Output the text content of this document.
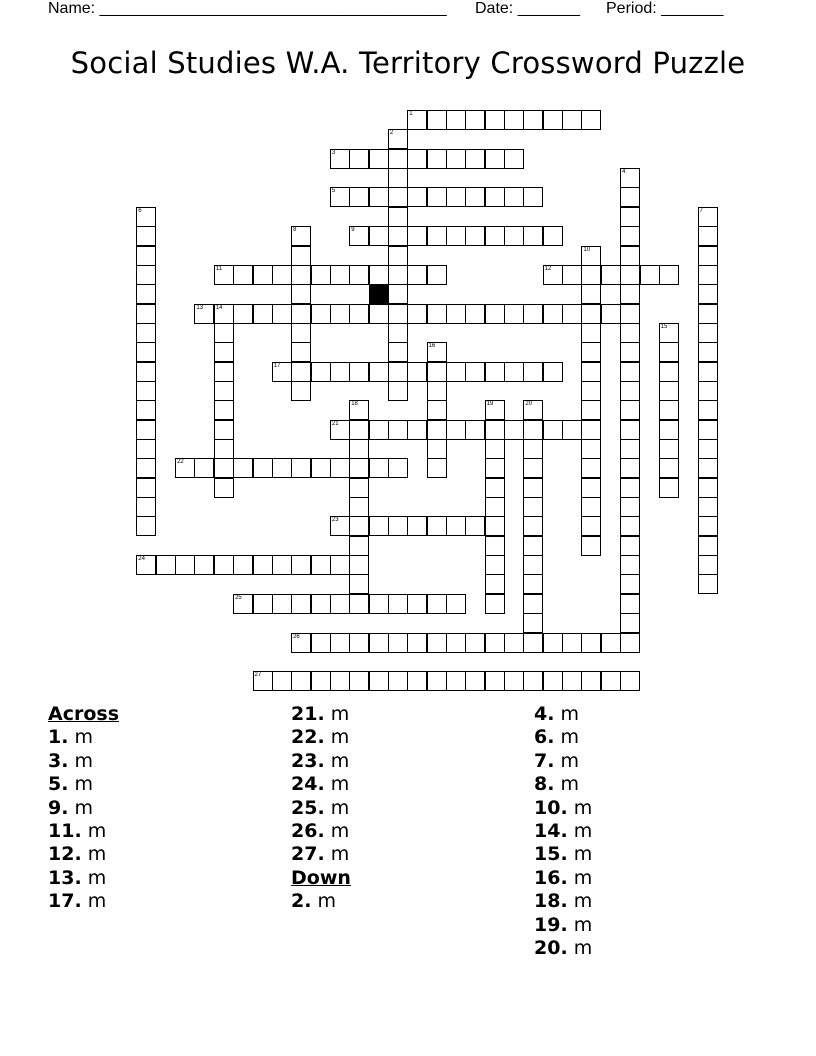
Name: _______________________________________ Date: _______ Period: _______
Social Studies W.A. Territory Crossword Puzzle
1
2
3
4
5
6	7
8	9
10
11	12
13 14
15
16
17
18	19	20
21
22
23
24
25
26
27
Across
1. m
3. m
5. m
9. m
11. m
12. m
13. m
17. m
21. m
22. m
23. m
24. m
25. m
26. m
27. m
Down
2. m
4. m
6. m
7. m
8. m
10. m
14. m
15. m
16. m
18. m
19. m
20. m
